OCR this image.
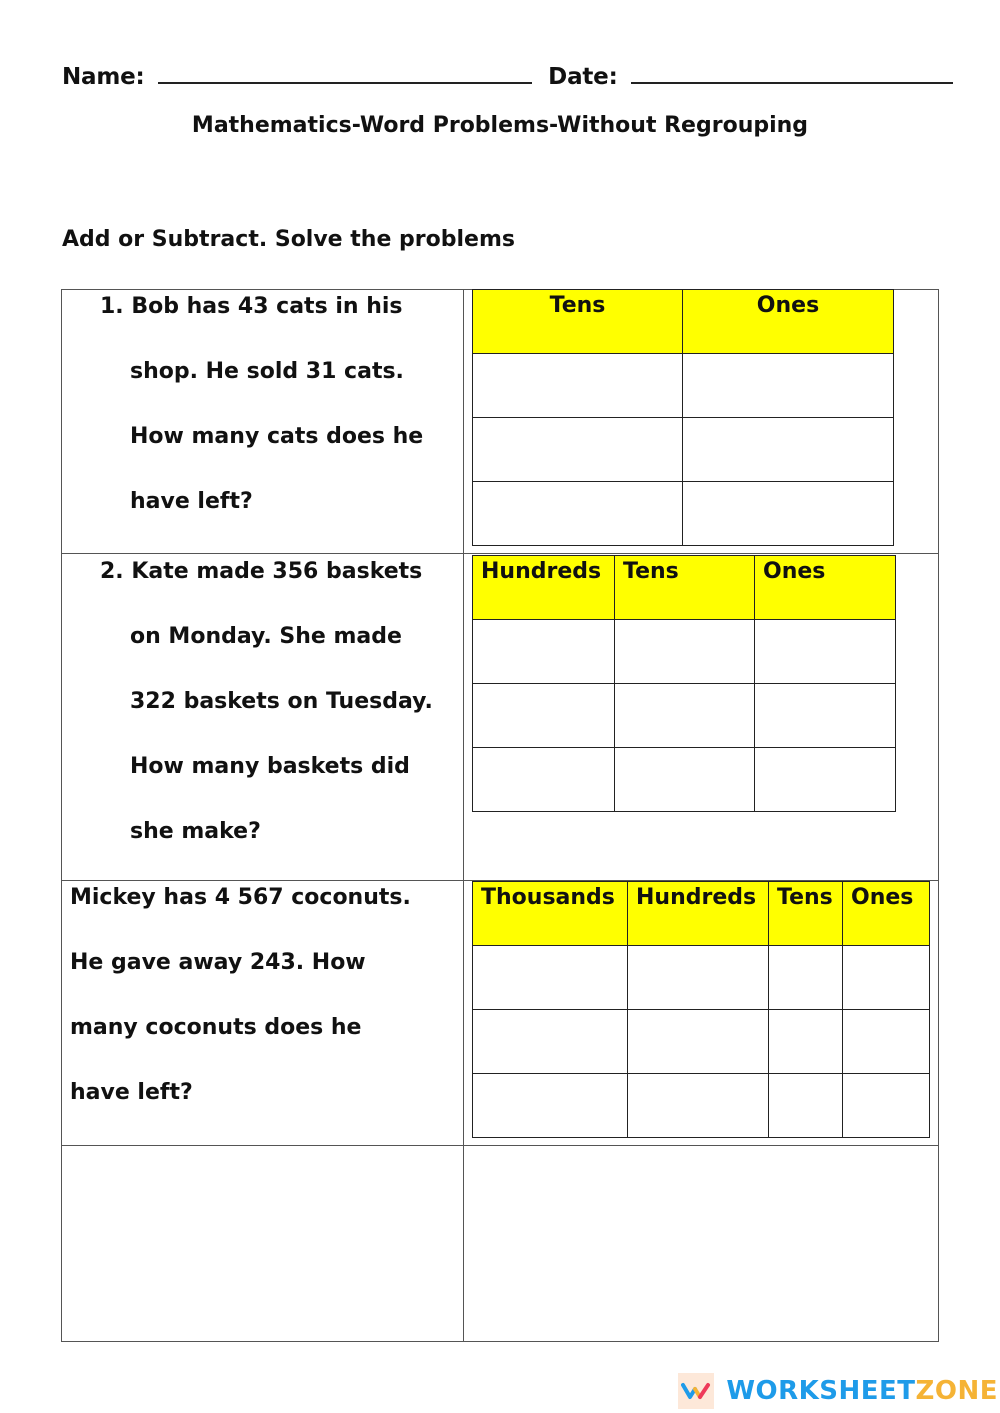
Name:	Date:
Mathematics-Word Problems-Without Regrouping
Add or Subtract. Solve the problems
1. Bob has 43 cats in his
shop. He sold 31 cats.
How many cats does he
have left?
Tens	Ones

2. Kate made 356 baskets
on Monday. She made
322 baskets on Tuesday.
How many baskets did
she make?
Hundreds	Tens	Ones

Mickey has 4 567 coconuts.
He gave away 243. How
many coconuts does he
have left?
Thousands	Hundreds	Tens	Ones

WORKSHEETZONE
